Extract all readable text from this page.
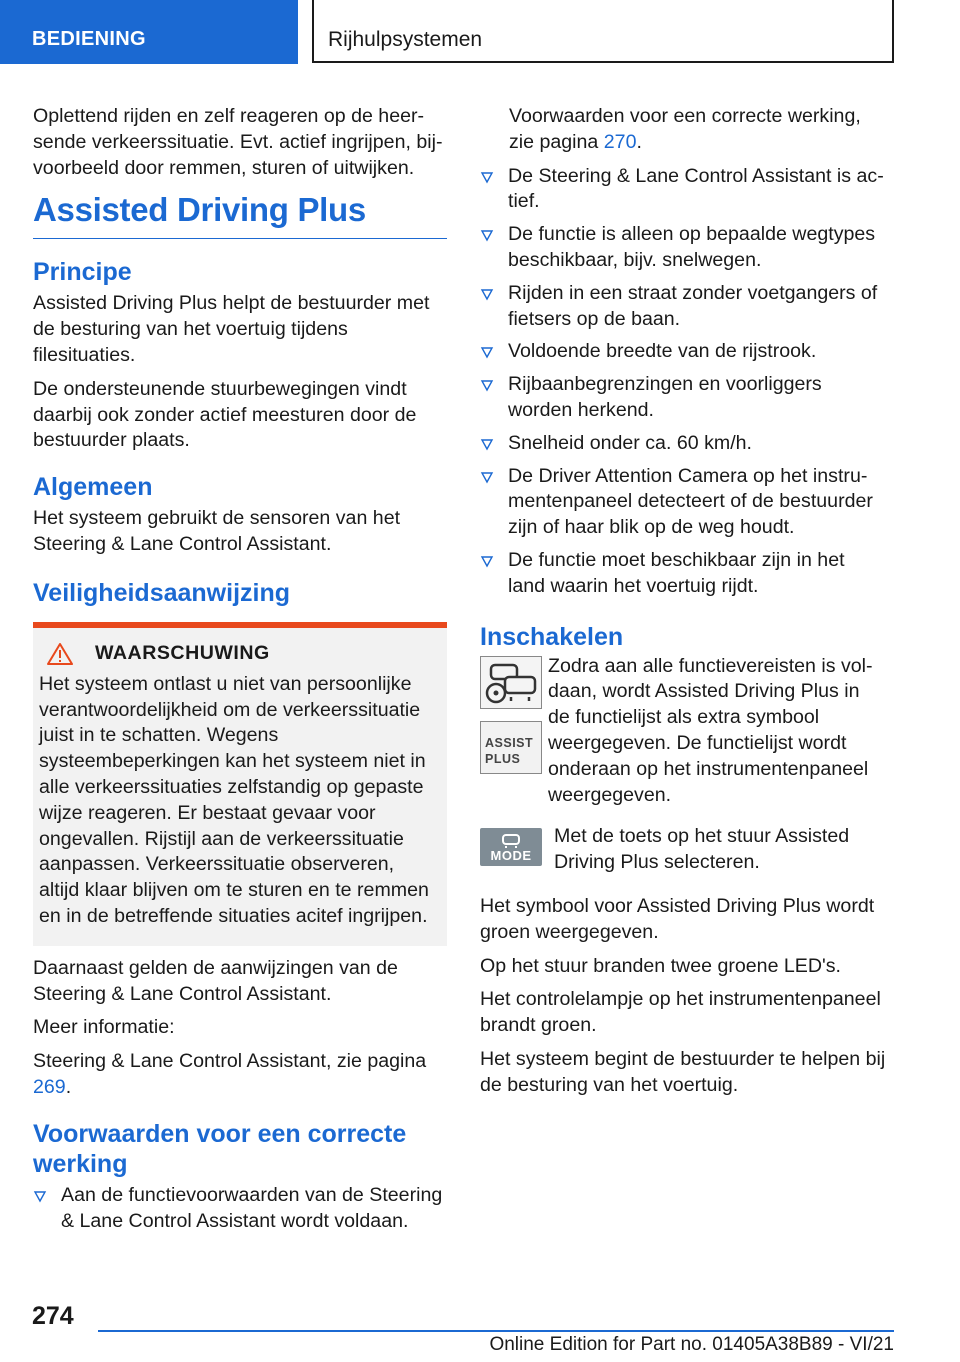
BEDIENING	Rijhulpsystemen

Oplettend rijden en zelf reageren op de heersende verkeerssituatie. Evt. actief ingrijpen, bijvoorbeeld door remmen, sturen of uitwijken.

Assisted Driving Plus
Principe

Assisted Driving Plus helpt de bestuurder met de besturing van het voertuig tijdens filesituaties.

De ondersteunende stuurbewegingen vindt daarbij ook zonder actief meesturen door de bestuurder plaats.

Algemeen

Het systeem gebruikt de sensoren van het Steering & Lane Control Assistant.

Veiligheidsaanwijzing
WAARSCHUWING

Het systeem ontlast u niet van persoonlijke verantwoordelijkheid om de verkeerssituatie juist in te schatten. Wegens systeembeperkingen kan het systeem niet in alle verkeerssituaties zelfstandig op gepaste wijze reageren. Er bestaat gevaar voor ongevallen. Rijstijl aan de verkeerssituatie aanpassen. Verkeerssituatie observeren, altijd klaar blijven om te sturen en te remmen en in de betreffende situaties acitef ingrijpen.

Daarnaast gelden de aanwijzingen van de Steering & Lane Control Assistant.

Meer informatie:

Steering & Lane Control Assistant, zie pagina 269.

Voorwaarden voor een correcte werking
Aan de functievoorwaarden van de Steering & Lane Control Assistant wordt voldaan.

Voorwaarden voor een correcte werking, zie pagina 270.

De Steering & Lane Control Assistant is actief.
De functie is alleen op bepaalde wegtypes beschikbaar, bijv. snelwegen.
Rijden in een straat zonder voetgangers of fietsers op de baan.
Voldoende breedte van de rijstrook.
Rijbaanbegrenzingen en voorliggers worden herkend.
Snelheid onder ca. 60 km/h.
De Driver Attention Camera op het instrumentenpaneel detecteert of de bestuurder zijn of haar blik op de weg houdt.
De functie moet beschikbaar zijn in het land waarin het voertuig rijdt.
Inschakelen
ASSIST
PLUS

Zodra aan alle functievereisten is voldaan, wordt Assisted Driving Plus in de functielijst als extra symbool weergegeven. De functielijst wordt onderaan op het instrumentenpaneel weergegeven.

MODE

Met de toets op het stuur Assisted Driving Plus selecteren.

Het symbool voor Assisted Driving Plus wordt groen weergegeven.

Op het stuur branden twee groene LED's.

Het controlelampje op het instrumentenpaneel brandt groen.

Het systeem begint de bestuurder te helpen bij de besturing van het voertuig.

274
Online Edition for Part no. 01405A38B89 - VI/21
